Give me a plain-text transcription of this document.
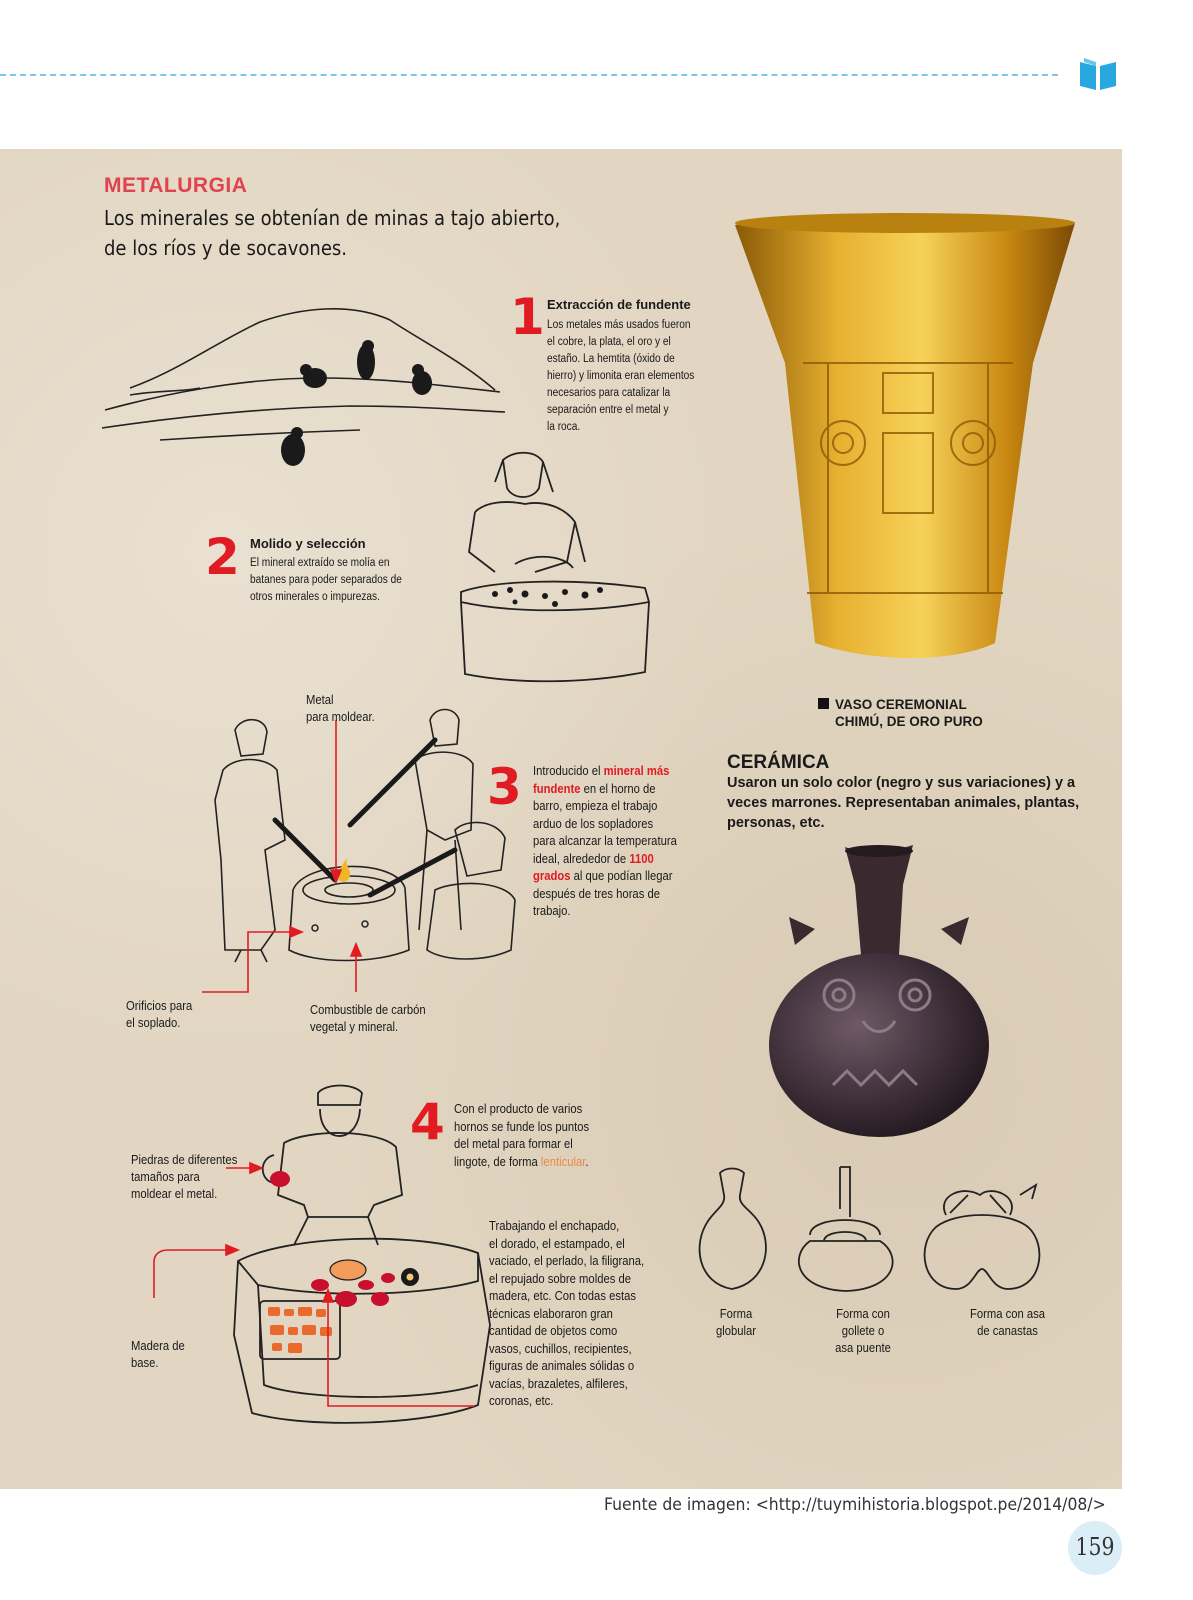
METALURGIA
Los minerales se obtenían de minas a tajo abierto, de los ríos y de socavones.
1 Extracción de fundente
Los metales más usados fueron
el cobre, la plata, el oro y el
estaño. La hemtita (óxido de
hierro) y limonita eran elementos
necesarios para catalizar la
separación entre el metal y
la roca.
2 Molido y selección
El mineral extraído se molía en
batanes para poder separados de
otros minerales o impurezas.
VASO CEREMONIAL
CHIMÚ, DE ORO PURO
Metal
para moldear.
Orificios para
el soplado.
Combustible de carbón
vegetal y mineral.
3 Introducido el mineral más
fundente en el horno de
barro, empieza el trabajo
arduo de los sopladores
para alcanzar la temperatura
ideal, alrededor de 1100
grados al que podían llegar
después de tres horas de
trabajo.
CERÁMICA
Usaron un solo color (negro y sus variaciones) y a
veces marrones. Representaban animales, plantas,
personas, etc.
Forma
globular
Forma con
gollete o
asa puente
Forma con asa
de canastas
Piedras de diferentes
tamaños para
moldear el metal.
Madera de
base.
4 Con el producto de varios
hornos se funde los puntos
del metal para formar el
lingote, de forma lenticular.
Trabajando el enchapado,
el dorado, el estampado, el
vaciado, el perlado, la filigrana,
el repujado sobre moldes de
madera, etc. Con todas estas
técnicas elaboraron gran
cantidad de objetos como
vasos, cuchillos, recipientes,
figuras de animales sólidas o
vacías, brazaletes, alfileres,
coronas, etc.
Fuente de imagen: <http://tuymihistoria.blogspot.pe/2014/08/>
159
